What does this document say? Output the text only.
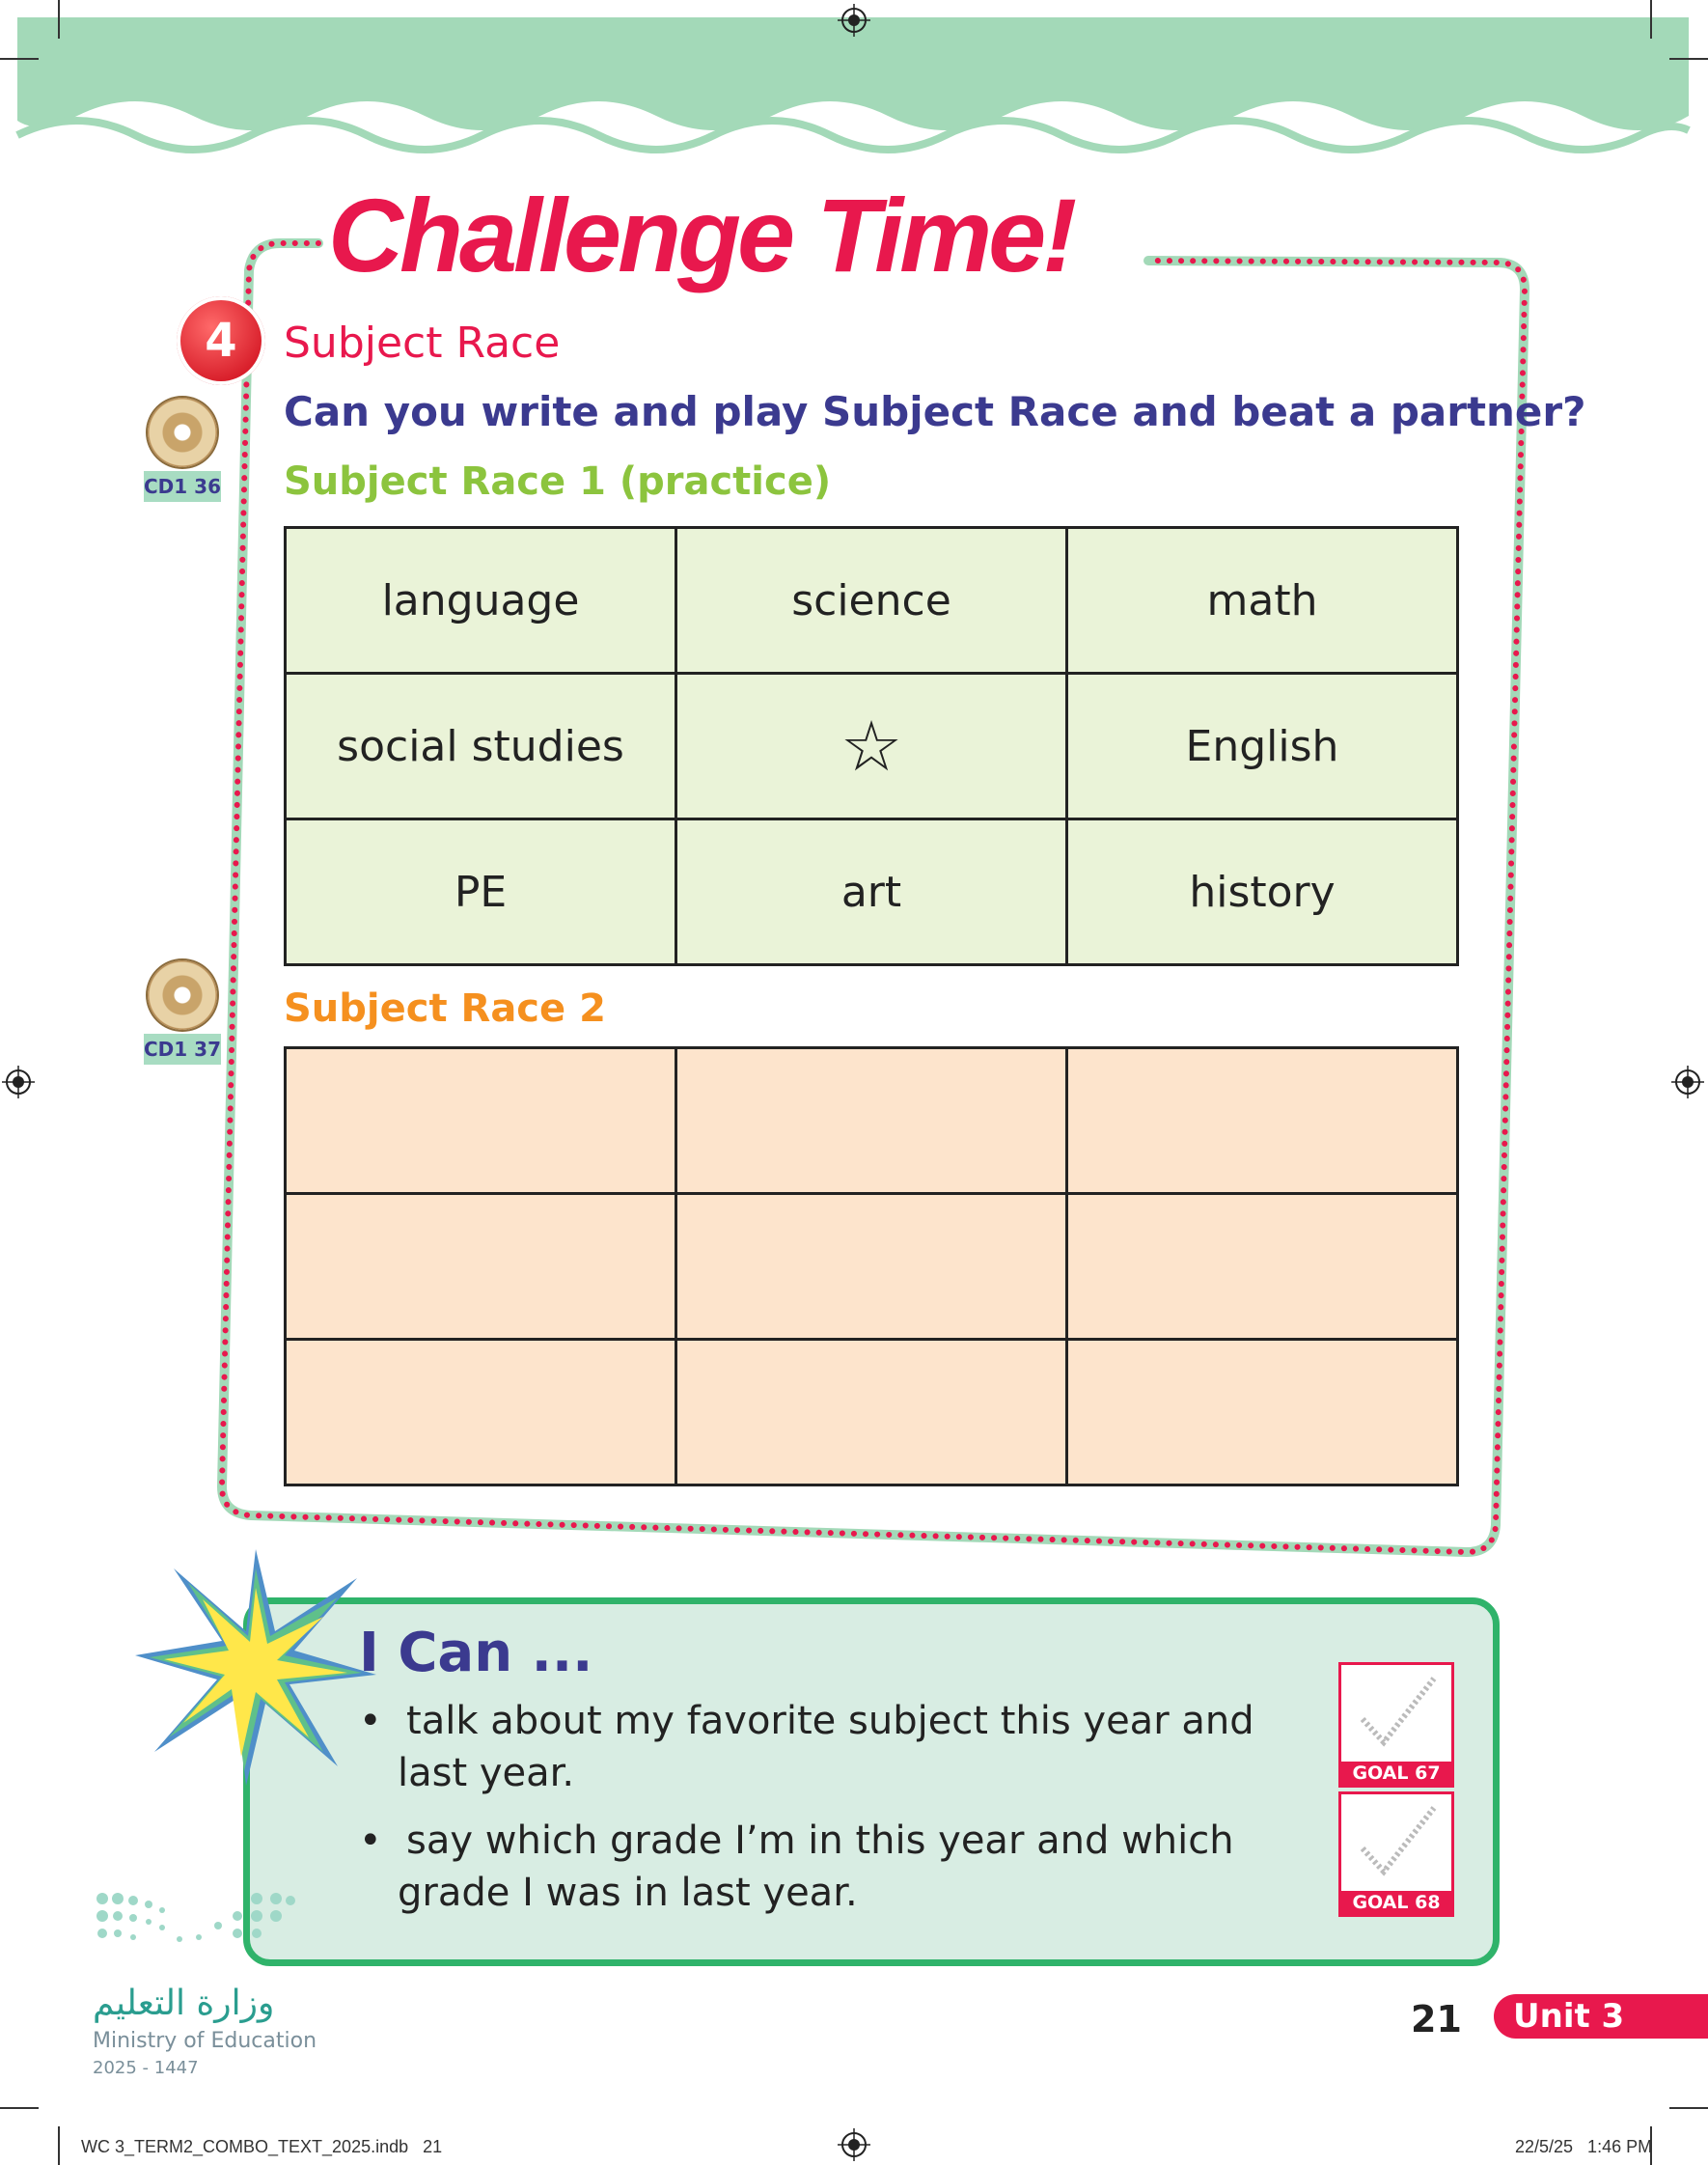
Challenge Time!
4	Subject Race
Can you write and play Subject Race and beat a partner?
CD1 36 Subject Race 1 (practice)
language	science	math
social studies	☆	English
PE	art	history
CD1 37
Subject Race 2

I Can ...
•  talk about my favorite subject this year and
last year.
•  say which grade I’m in this year and which
grade I was in last year.
GOAL 67
GOAL 68
وزارة التعليم
Ministry of Education
2025 - 1447
21	Unit 3
WC 3_TERM2_COMBO_TEXT_2025.indb   21	22/5/25   1:46 PM
